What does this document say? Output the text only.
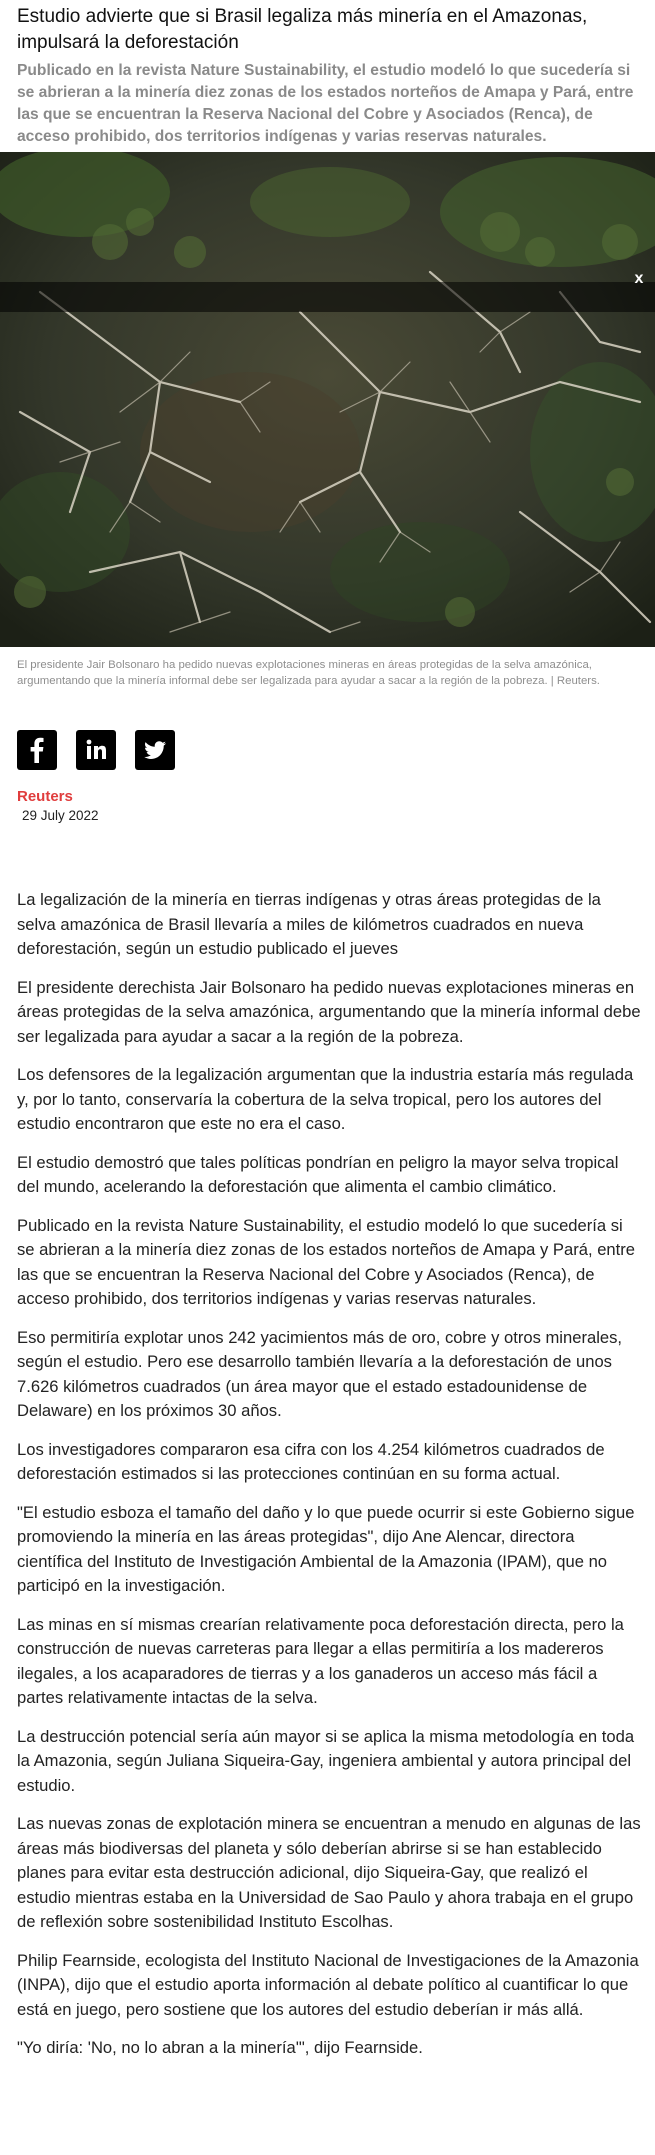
Estudio advierte que si Brasil legaliza más minería en el Amazonas, impulsará la deforestación
Publicado en la revista Nature Sustainability, el estudio modeló lo que sucedería si se abrieran a la minería diez zonas de los estados norteños de Amapa y Pará, entre las que se encuentran la Reserva Nacional del Cobre y Asociados (Renca), de acceso prohibido, dos territorios indígenas y varias reservas naturales.
x
El presidente Jair Bolsonaro ha pedido nuevas explotaciones mineras en áreas protegidas de la selva amazónica, argumentando que la minería informal debe ser legalizada para ayudar a sacar a la región de la pobreza. | Reuters.
Reuters
29 July 2022

La legalización de la minería en tierras indígenas y otras áreas protegidas de la selva amazónica de Brasil llevaría a miles de kilómetros cuadrados en nueva deforestación, según un estudio publicado el jueves

El presidente derechista Jair Bolsonaro ha pedido nuevas explotaciones mineras en áreas protegidas de la selva amazónica, argumentando que la minería informal debe ser legalizada para ayudar a sacar a la región de la pobreza.

Los defensores de la legalización argumentan que la industria estaría más regulada y, por lo tanto, conservaría la cobertura de la selva tropical, pero los autores del estudio encontraron que este no era el caso.

El estudio demostró que tales políticas pondrían en peligro la mayor selva tropical del mundo, acelerando la deforestación que alimenta el cambio climático.

Publicado en la revista Nature Sustainability, el estudio modeló lo que sucedería si se abrieran a la minería diez zonas de los estados norteños de Amapa y Pará, entre las que se encuentran la Reserva Nacional del Cobre y Asociados (Renca), de acceso prohibido, dos territorios indígenas y varias reservas naturales.

Eso permitiría explotar unos 242 yacimientos más de oro, cobre y otros minerales, según el estudio. Pero ese desarrollo también llevaría a la deforestación de unos 7.626 kilómetros cuadrados (un área mayor que el estado estadounidense de Delaware) en los próximos 30 años.

Los investigadores compararon esa cifra con los 4.254 kilómetros cuadrados de deforestación estimados si las protecciones continúan en su forma actual.

"El estudio esboza el tamaño del daño y lo que puede ocurrir si este Gobierno sigue promoviendo la minería en las áreas protegidas", dijo Ane Alencar, directora científica del Instituto de Investigación Ambiental de la Amazonia (IPAM), que no participó en la investigación.

Las minas en sí mismas crearían relativamente poca deforestación directa, pero la construcción de nuevas carreteras para llegar a ellas permitiría a los madereros ilegales, a los acaparadores de tierras y a los ganaderos un acceso más fácil a partes relativamente intactas de la selva.

La destrucción potencial sería aún mayor si se aplica la misma metodología en toda la Amazonia, según Juliana Siqueira-Gay, ingeniera ambiental y autora principal del estudio.

Las nuevas zonas de explotación minera se encuentran a menudo en algunas de las áreas más biodiversas del planeta y sólo deberían abrirse si se han establecido planes para evitar esta destrucción adicional, dijo Siqueira-Gay, que realizó el estudio mientras estaba en la Universidad de Sao Paulo y ahora trabaja en el grupo de reflexión sobre sostenibilidad Instituto Escolhas.

Philip Fearnside, ecologista del Instituto Nacional de Investigaciones de la Amazonia (INPA), dijo que el estudio aporta información al debate político al cuantificar lo que está en juego, pero sostiene que los autores del estudio deberían ir más allá.

"Yo diría: 'No, no lo abran a la minería'", dijo Fearnside.
